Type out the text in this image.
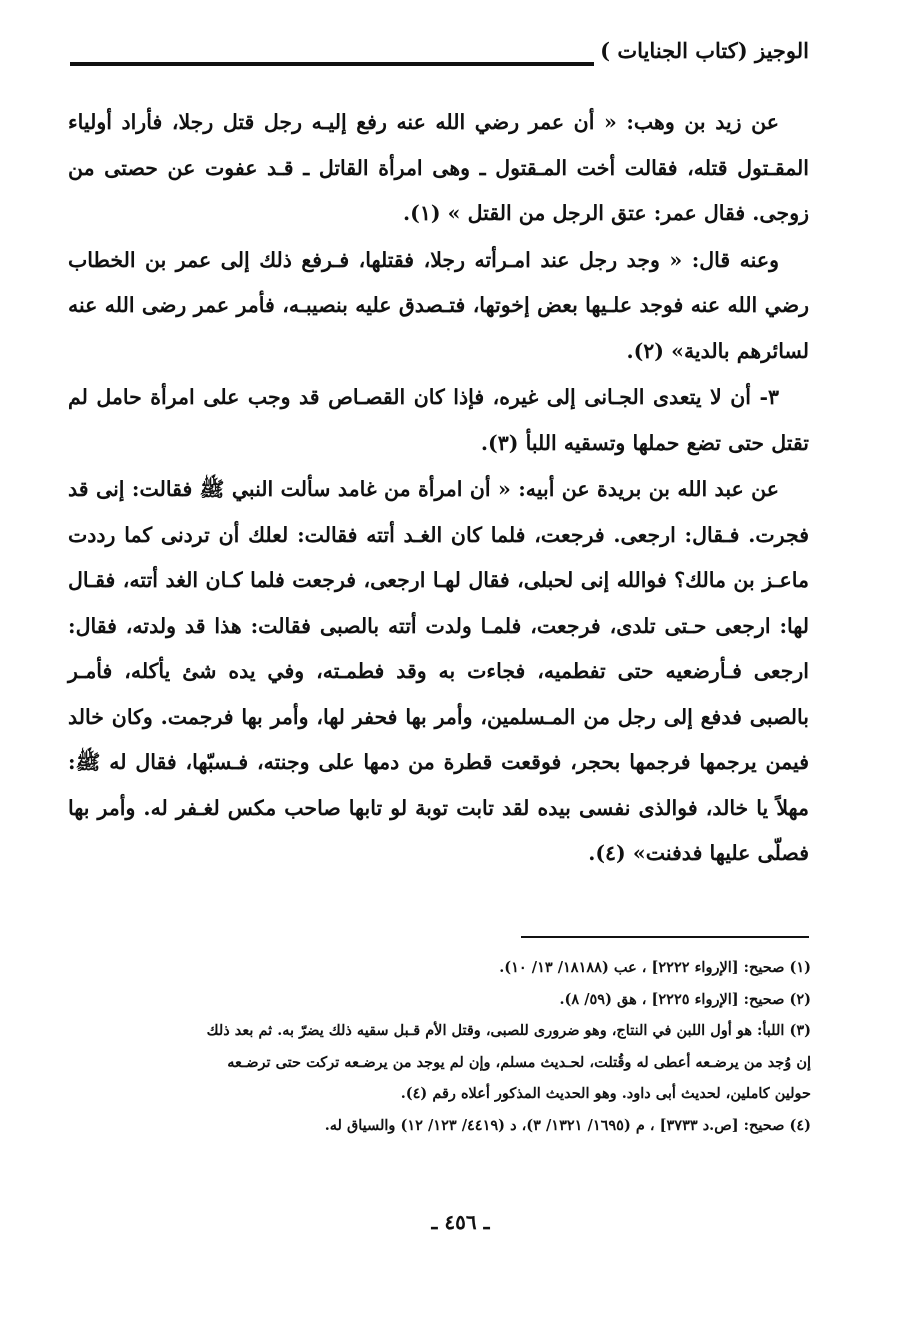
الوجيز (كتاب الجنايات )

عن زيد بن وهب: « أن عمر رضي الله عنه رفع إليـه رجل قتل رجلا، فأراد أولياء المقـتول قتله، فقالت أخت المـقتول ـ وهى امرأة القاتل ـ قـد عفوت عن حصتى من زوجى. فقال عمر: عتق الرجل من القتل » (١).

وعنه قال: « وجد رجل عند امـرأته رجلا، فقتلها، فـرفع ذلك إلى عمر بن الخطاب رضي الله عنه فوجد علـيها بعض إخوتها، فتـصدق عليه بنصيبـه، فأمر عمر رضى الله عنه لسائرهم بالدية» (٢).

٣- أن لا يتعدى الجـانى إلى غيره، فإذا كان القصـاص قد وجب على امرأة حامل لم تقتل حتى تضع حملها وتسقيه اللبأ (٣).

عن عبد الله بن بريدة عن أبيه: « أن امرأة من غامد سألت النبي ﷺ فقالت: إنى قد فجرت. فـقال: ارجعى. فرجعت، فلما كان الغـد أتته فقالت: لعلك أن تردنى كما رددت ماعـز بن مالك؟ فوالله إنى لحبلى، فقال لهـا ارجعى، فرجعت فلما كـان الغد أتته، فقـال لها: ارجعى حـتى تلدى، فرجعت، فلمـا ولدت أتته بالصبى فقالت: هذا قد ولدته، فقال: ارجعى فـأرضعيه حتى تفطميه، فجاءت به وقد فطمـته، وفي يده شئ يأكله، فأمـر بالصبى فدفع إلى رجل من المـسلمين، وأمر بها فحفر لها، وأمر بها فرجمت. وكان خالد فيمن يرجمها فرجمها بحجر، فوقعت قطرة من دمها على وجنته، فـسبّها، فقال له ﷺ: مهلاً يا خالد، فوالذى نفسى بيده لقد تابت توبة لو تابها صاحب مكس لغـفر له. وأمر بها فصلّى عليها فدفنت» (٤).

(١) صحيح: [الإرواء ٢٢٢٢] ، عب (١٨١٨٨/ ١٣/ ١٠).

(٢) صحيح: [الإرواء ٢٢٢٥] ، هق (٥٩/ ٨).

(٣) اللبأ: هو أول اللبن في النتاج، وهو ضرورى للصبى، وقتل الأم قـبل سقيه ذلك يضرّ به. ثم بعد ذلك

إن وُجد من يرضـعه أعطى له وقُتلت، لحـديث مسلم، وإن لم يوجد من يرضـعه تركت حتى ترضـعه

حولين كاملين، لحديث أبى داود. وهو الحديث المذكور أعلاه رقم (٤).

(٤) صحيح: [ص.د ٣٧٣٣] ، م (١٦٩٥/ ١٣٢١/ ٣)، د (٤٤١٩/ ١٢٣/ ١٢) والسياق له.

ـ ٤٥٦ ـ
